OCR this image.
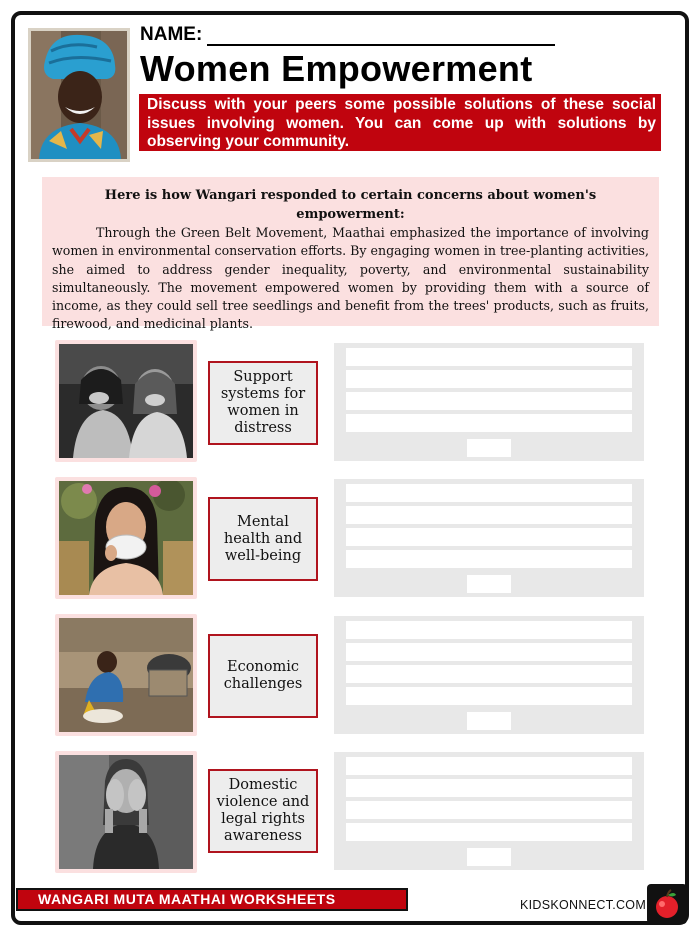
NAME:
Women Empowerment
Discuss with your peers some possible solutions of these social issues involving women. You can come up with solutions by observing your community.
Here is how Wangari responded to certain concerns about women's empowerment:

Through the Green Belt Movement, Maathai emphasized the importance of involving women in environmental conservation efforts. By engaging women in tree-planting activities, she aimed to address gender inequality, poverty, and environmental sustainability simultaneously. The movement empowered women by providing them with a source of income, as they could sell tree seedlings and benefit from the trees' products, such as fruits, firewood, and medicinal plants.

Support systems for women in distress
Mental health and well-being
Economic challenges
Domestic violence and legal rights awareness
WANGARI MUTA MAATHAI WORKSHEETS	KIDSKONNECT.COM
